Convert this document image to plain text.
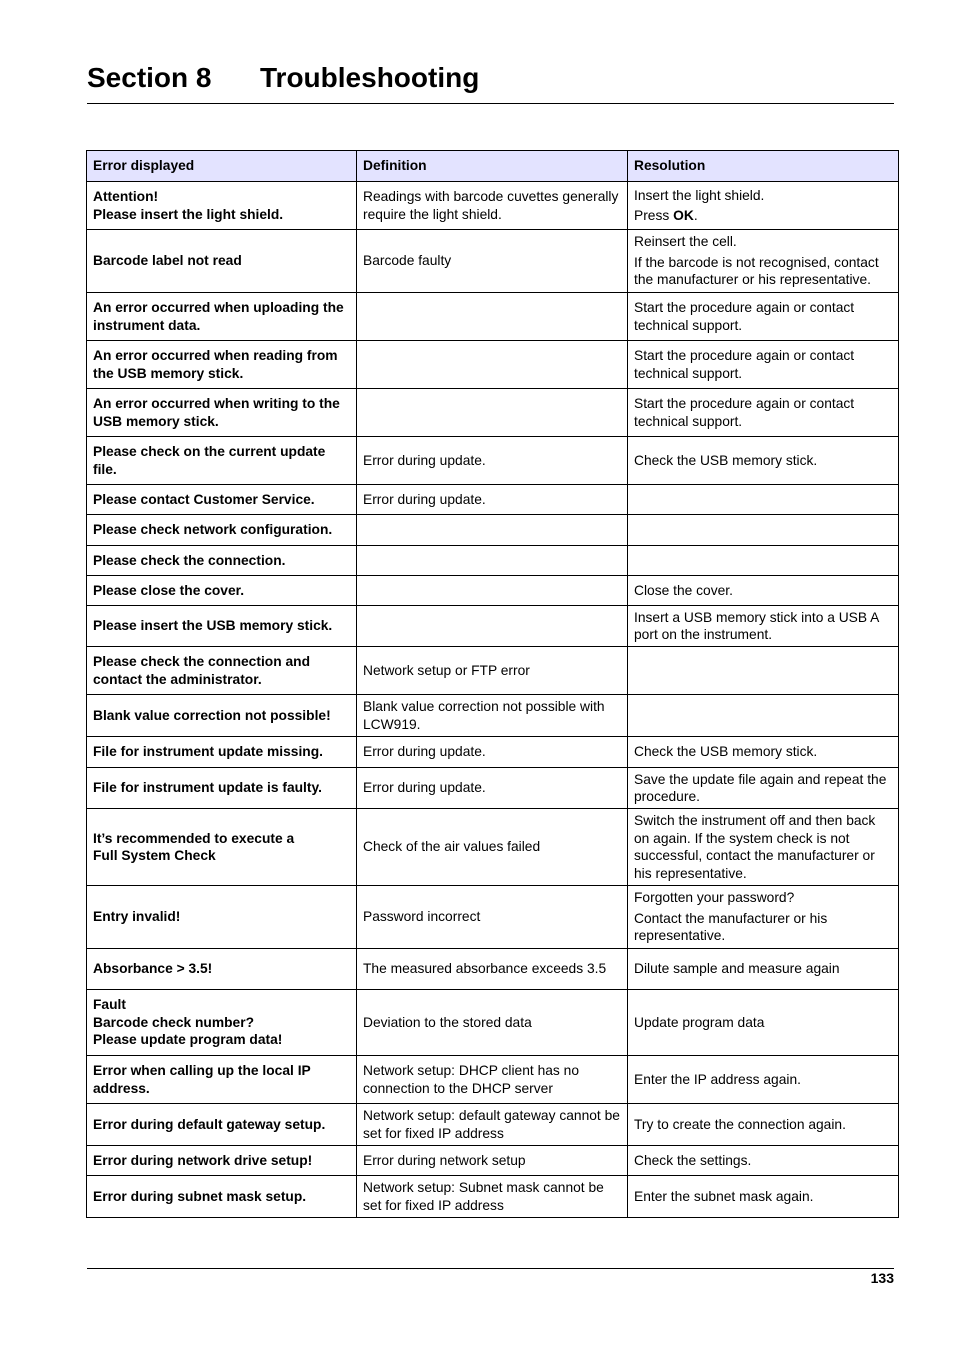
Section 8 Troubleshooting
Error displayed	Definition	Resolution

Attention!
Please insert the light shield.	Readings with barcode cuvettes generally require the light shield.	Insert the light shield.
Press OK.

Barcode label not read	Barcode faulty	Reinsert the cell.
If the barcode is not recognised, contact the manufacturer or his representative.

An error occurred when uploading the instrument data.		Start the procedure again or contact technical support.

An error occurred when reading from the USB memory stick.		Start the procedure again or contact technical support.

An error occurred when writing to the USB memory stick.		Start the procedure again or contact technical support.

Please check on the current update file.	Error during update.	Check the USB memory stick.

Please contact Customer Service.	Error during update.	

Please check network configuration.		

Please check the connection.		

Please close the cover.		Close the cover.

Please insert the USB memory stick.		Insert a USB memory stick into a USB A port on the instrument.

Please check the connection and contact the administrator.	Network setup or FTP error	

Blank value correction not possible!	Blank value correction not possible with LCW919.	

File for instrument update missing.	Error during update.	Check the USB memory stick.

File for instrument update is faulty.	Error during update.	Save the update file again and repeat the procedure.

It’s recommended to execute a
Full System Check	Check of the air values failed	Switch the instrument off and then back on again. If the system check is not successful, contact the manufacturer or his representative.

Entry invalid!	Password incorrect	Forgotten your password?
Contact the manufacturer or his representative.

Absorbance > 3.5!	The measured absorbance exceeds 3.5	Dilute sample and measure again

Fault
Barcode check number?
Please update program data!	Deviation to the stored data	Update program data

Error when calling up the local IP address.	Network setup: DHCP client has no connection to the DHCP server	Enter the IP address again.

Error during default gateway setup.	Network setup: default gateway cannot be set for fixed IP address	Try to create the connection again.

Error during network drive setup!	Error during network setup	Check the settings.

Error during subnet mask setup.	Network setup: Subnet mask cannot be set for fixed IP address	Enter the subnet mask again.
133
